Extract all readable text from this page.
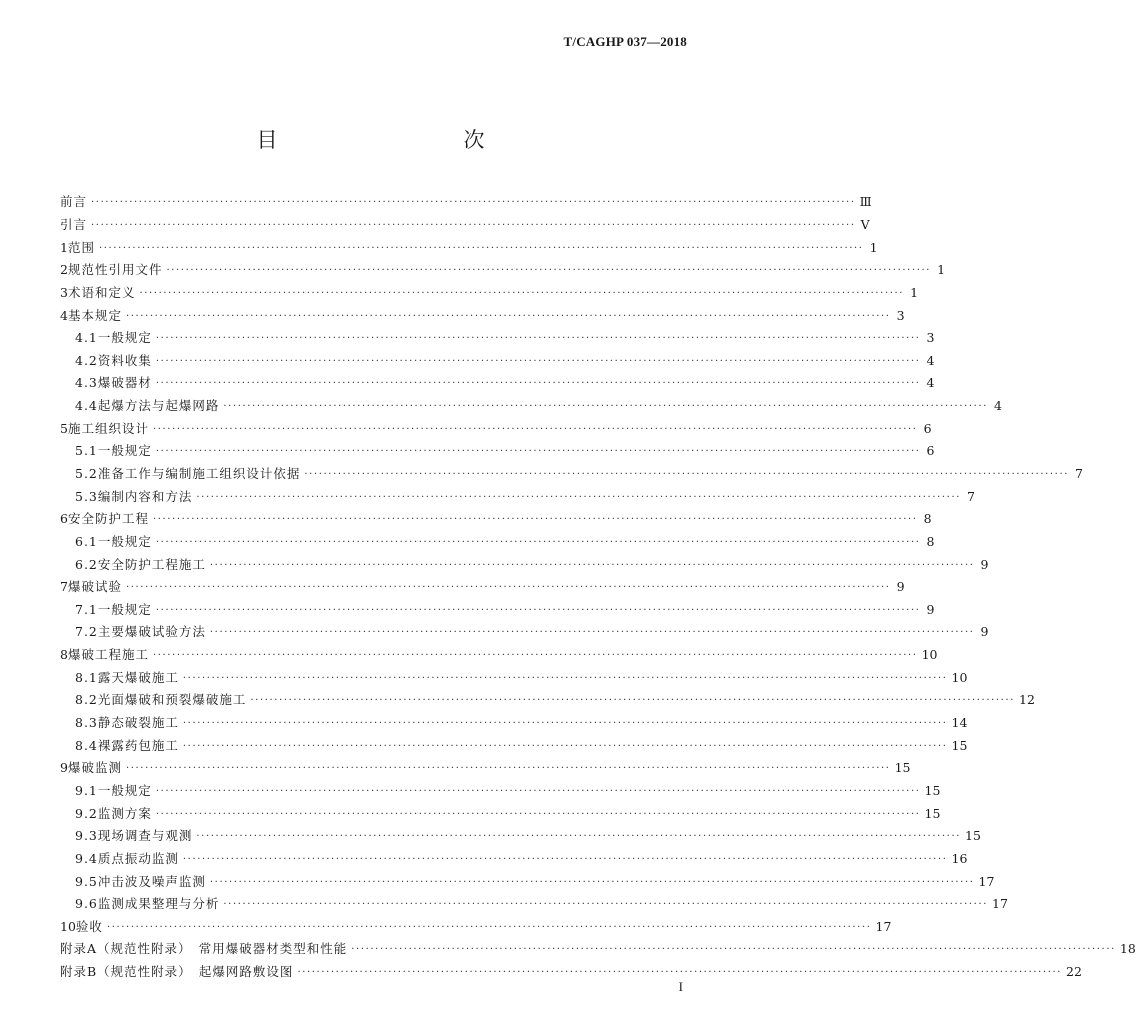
T/CAGHP 037—2018
目　　次
前言 ································································································································································ Ⅲ
引言 ································································································································································ Ⅴ
1 范围 ································································································································································ 1
2 规范性引用文件 ································································································································································ 1
3 术语和定义 ································································································································································ 1
4 基本规定 ································································································································································ 3
4.1 一般规定 ································································································································································ 3
4.2 资料收集 ································································································································································ 4
4.3 爆破器材 ································································································································································ 4
4.4 起爆方法与起爆网路 ································································································································································ 4
5 施工组织设计 ································································································································································ 6
5.1 一般规定 ································································································································································ 6
5.2 准备工作与编制施工组织设计依据 ································································································································································ 7
5.3 编制内容和方法 ································································································································································ 7
6 安全防护工程 ································································································································································ 8
6.1 一般规定 ································································································································································ 8
6.2 安全防护工程施工 ································································································································································ 9
7 爆破试验 ································································································································································ 9
7.1 一般规定 ································································································································································ 9
7.2 主要爆破试验方法 ································································································································································ 9
8 爆破工程施工 ································································································································································ 10
8.1 露天爆破施工 ································································································································································ 10
8.2 光面爆破和预裂爆破施工 ································································································································································ 12
8.3 静态破裂施工 ································································································································································ 14
8.4 裸露药包施工 ································································································································································ 15
9 爆破监测 ································································································································································ 15
9.1 一般规定 ································································································································································ 15
9.2 监测方案 ································································································································································ 15
9.3 现场调查与观测 ································································································································································ 15
9.4 质点振动监测 ································································································································································ 16
9.5 冲击波及噪声监测 ································································································································································ 17
9.6 监测成果整理与分析 ································································································································································ 17
10 验收 ································································································································································ 17
附录A（规范性附录）　常用爆破器材类型和性能 ································································································································································ 18
附录B（规范性附录）　起爆网路敷设图 ································································································································································ 22
I
